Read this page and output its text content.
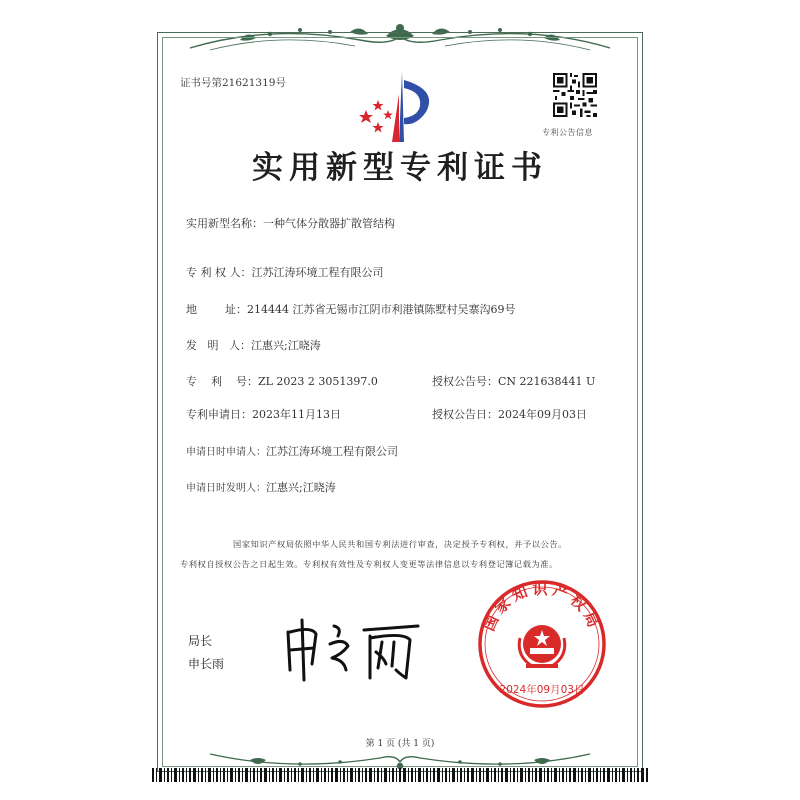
证书号第21621319号
专利公告信息
实用新型专利证书
实用新型名称：一种气体分散器扩散管结构
专 利 权 人：江苏江涛环境工程有限公司
地        址：214444 江苏省无锡市江阴市利港镇陈墅村吴寨沟69号
发   明   人：江惠兴;江晓涛
专    利    号：ZL 2023 2 3051397.0	授权公告号：CN 221638441 U
专利申请日：2023年11月13日	授权公告日：2024年09月03日
申请日时申请人：江苏江涛环境工程有限公司
申请日时发明人：江惠兴;江晓涛
国家知识产权局依照中华人民共和国专利法进行审查，决定授予专利权，并予以公告。
专利权自授权公告之日起生效。专利权有效性及专利权人变更等法律信息以专利登记簿记载为准。
局长
申长雨
国家知识产权局
2024年09月03日
第 1 页 (共 1 页)
